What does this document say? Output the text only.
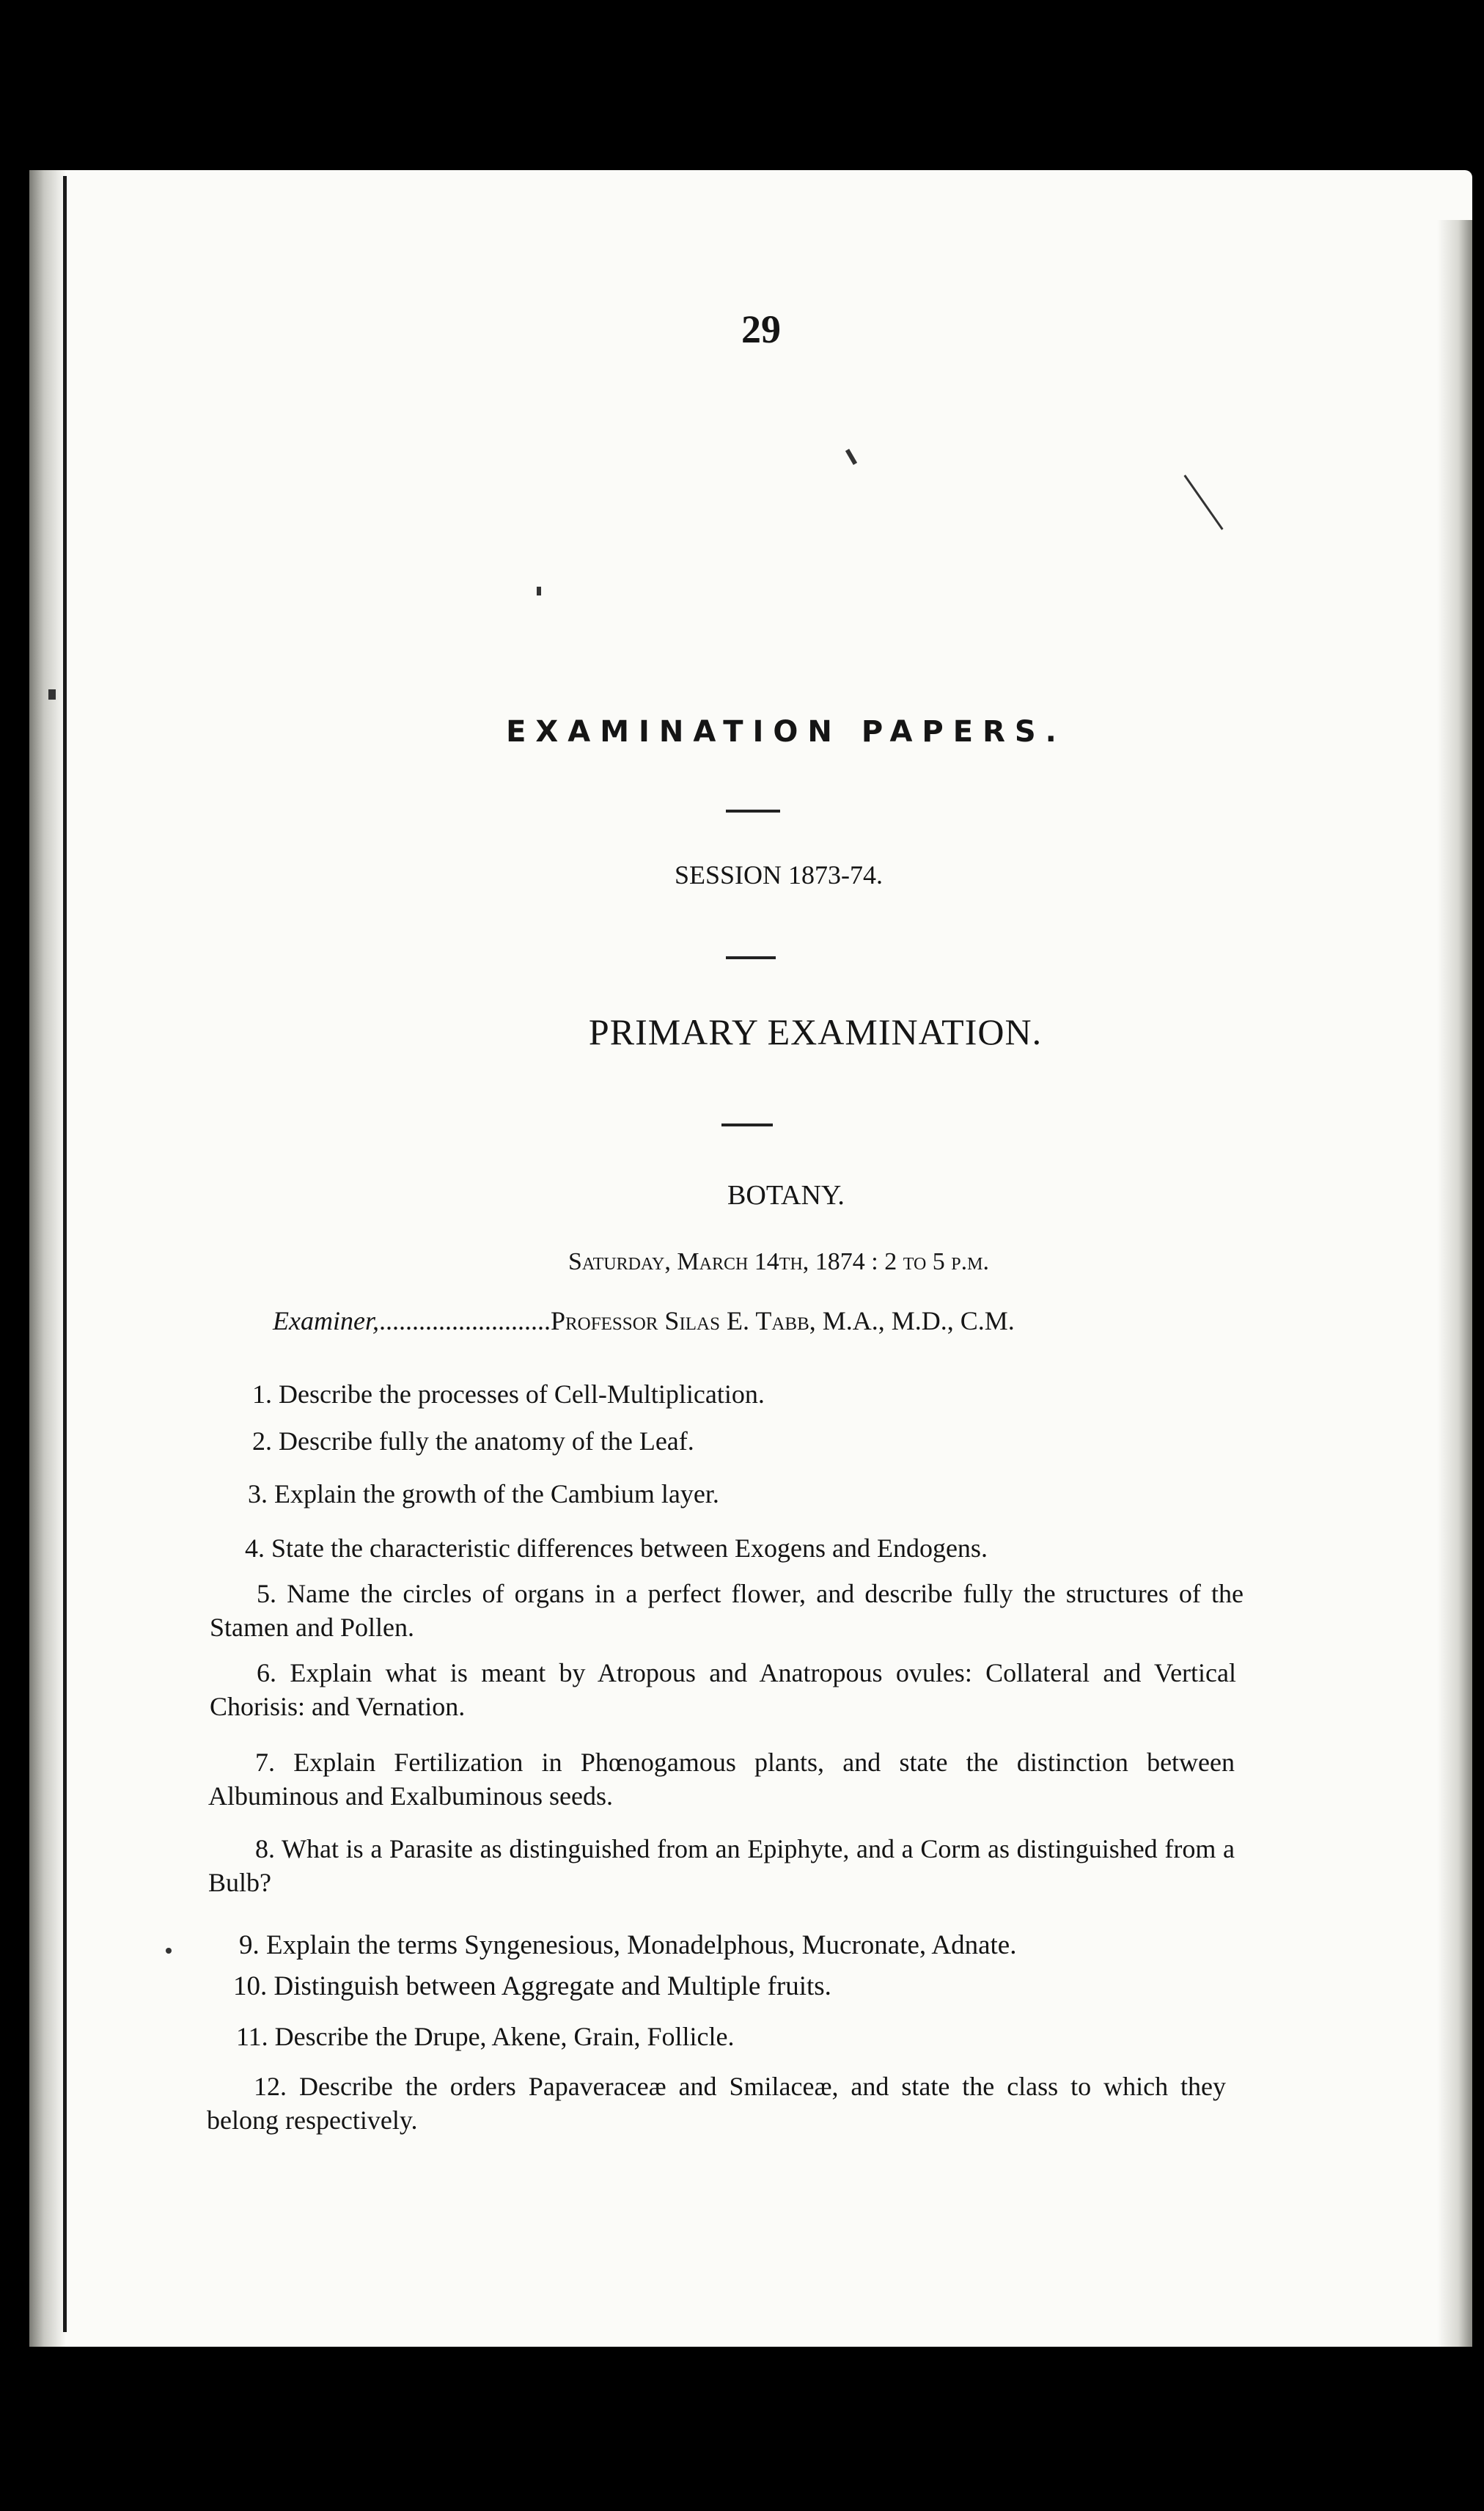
29
EXAMINATION PAPERS.
SESSION 1873-74.
PRIMARY EXAMINATION.
BOTANY.
Saturday, March 14th, 1874 : 2 to 5 p.m.
Examiner,..........................Professor Silas E. Tabb, M.A., M.D., C.M.
1. Describe the processes of Cell-Multiplication.
2. Describe fully the anatomy of the Leaf.
3. Explain the growth of the Cambium layer.
4. State the characteristic differences between Exogens and Endogens.
5. Name the circles of organs in a perfect flower, and describe fully the structures of the Stamen and Pollen.
6. Explain what is meant by Atropous and Anatropous ovules: Collateral and Vertical Chorisis: and Vernation.
7. Explain Fertilization in Phœnogamous plants, and state the distinction between Albuminous and Exalbuminous seeds.
8. What is a Parasite as distinguished from an Epiphyte, and a Corm as distinguished from a Bulb?
9. Explain the terms Syngenesious, Monadelphous, Mucronate, Adnate.
10. Distinguish between Aggregate and Multiple fruits.
11. Describe the Drupe, Akene, Grain, Follicle.
12. Describe the orders Papaveraceæ and Smilaceæ, and state the class to which they belong respectively.
